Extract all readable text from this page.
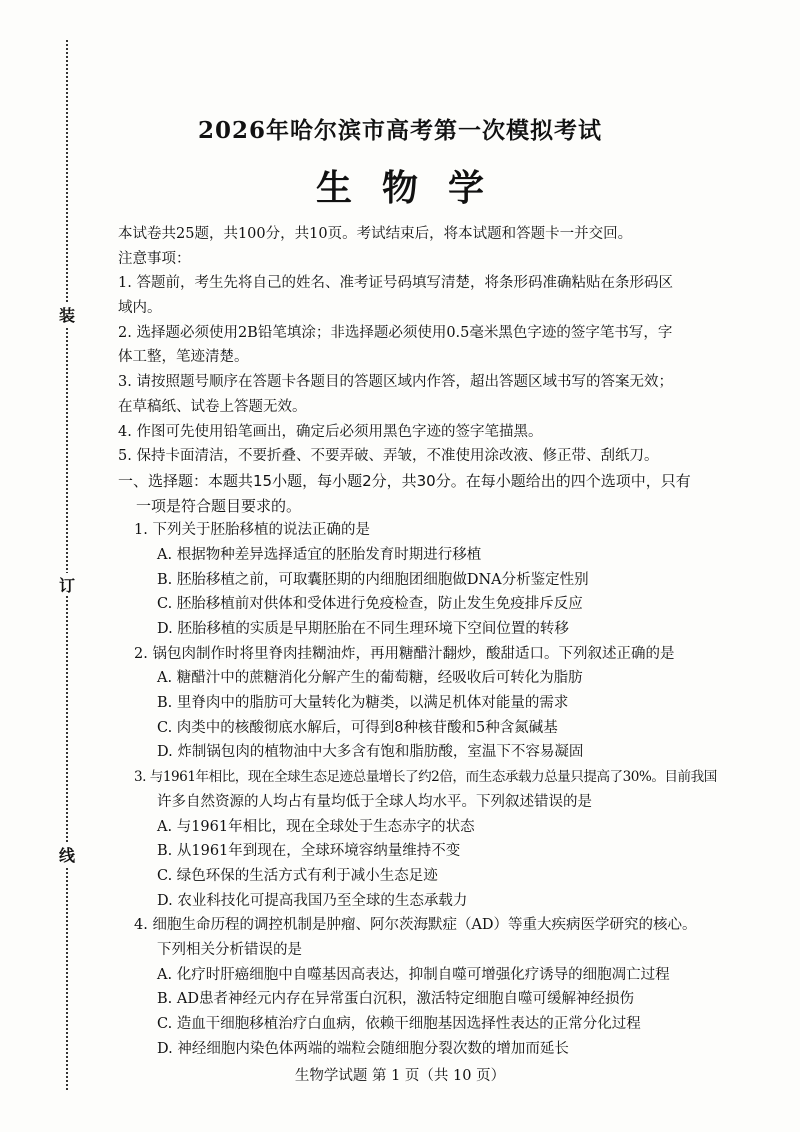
装
订
线
2026年哈尔滨市高考第一次模拟考试
生物学
本试卷共25题，共100分，共10页。考试结束后，将本试题和答题卡一并交回。
注意事项：
1. 答题前，考生先将自己的姓名、准考证号码填写清楚，将条形码准确粘贴在条形码区
域内。
2. 选择题必须使用2B铅笔填涂；非选择题必须使用0.5毫米黑色字迹的签字笔书写，字
体工整，笔迹清楚。
3. 请按照题号顺序在答题卡各题目的答题区域内作答，超出答题区域书写的答案无效；
在草稿纸、试卷上答题无效。
4. 作图可先使用铅笔画出，确定后必须用黑色字迹的签字笔描黑。
5. 保持卡面清洁，不要折叠、不要弄破、弄皱，不准使用涂改液、修正带、刮纸刀。
一、选择题：本题共15小题，每小题2分，共30分。在每小题给出的四个选项中，只有
一项是符合题目要求的。
1. 下列关于胚胎移植的说法正确的是
A. 根据物种差异选择适宜的胚胎发育时期进行移植
B. 胚胎移植之前，可取囊胚期的内细胞团细胞做DNA分析鉴定性别
C. 胚胎移植前对供体和受体进行免疫检查，防止发生免疫排斥反应
D. 胚胎移植的实质是早期胚胎在不同生理环境下空间位置的转移
2. 锅包肉制作时将里脊肉挂糊油炸，再用糖醋汁翻炒，酸甜适口。下列叙述正确的是
A. 糖醋汁中的蔗糖消化分解产生的葡萄糖，经吸收后可转化为脂肪
B. 里脊肉中的脂肪可大量转化为糖类，以满足机体对能量的需求
C. 肉类中的核酸彻底水解后，可得到8种核苷酸和5种含氮碱基
D. 炸制锅包肉的植物油中大多含有饱和脂肪酸，室温下不容易凝固
3. 与1961年相比，现在全球生态足迹总量增长了约2倍，而生态承载力总量只提高了30%。目前我国
许多自然资源的人均占有量均低于全球人均水平。下列叙述错误的是
A. 与1961年相比，现在全球处于生态赤字的状态
B. 从1961年到现在，全球环境容纳量维持不变
C. 绿色环保的生活方式有利于减小生态足迹
D. 农业科技化可提高我国乃至全球的生态承载力
4. 细胞生命历程的调控机制是肿瘤、阿尔茨海默症（AD）等重大疾病医学研究的核心。
下列相关分析错误的是
A. 化疗时肝癌细胞中自噬基因高表达，抑制自噬可增强化疗诱导的细胞凋亡过程
B. AD患者神经元内存在异常蛋白沉积，激活特定细胞自噬可缓解神经损伤
C. 造血干细胞移植治疗白血病，依赖干细胞基因选择性表达的正常分化过程
D. 神经细胞内染色体两端的端粒会随细胞分裂次数的增加而延长
生物学试题 第 1 页（共 10 页）
